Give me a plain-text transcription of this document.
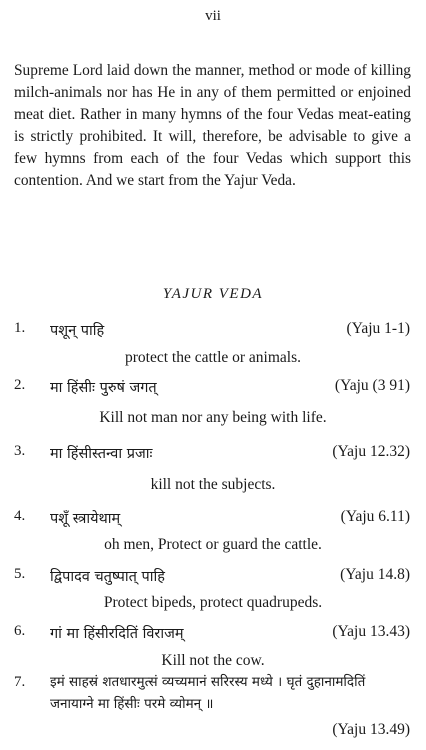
vii

Supreme Lord laid down the manner, method or mode of killing milch-animals nor has He in any of them permitted or enjoined meat diet. Rather in many hymns of the four Vedas meat-eating is strictly prohibited. It will, therefore, be advisable to give a few hymns from each of the four Vedas which support this contention. And we start from the Yajur Veda.

YAJUR VEDA
1. पशून् पाहि	(Yaju 1-1)
protect the cattle or animals.
2. मा हिंसीः पुरुषं जगत्	(Yaju (3 91)
Kill not man nor any being with life.
3. मा हिंसीस्तन्वा प्रजाः	(Yaju 12.32)
kill not the subjects.
4. पशूँ स्त्रायेथाम्	(Yaju 6.11)
oh men, Protect or guard the cattle.
5. द्विपादव चतुष्पात् पाहि	(Yaju 14.8)
Protect bipeds, protect quadrupeds.
6. गां मा हिंसीरदितिं विराजम्	(Yaju 13.43)
Kill not the cow.
7. इमं साहस्रं शतधारमुत्सं व्यच्यमानं सरिरस्य मध्ये । घृतं दुहानामदितिं जनायाग्ने मा हिंसीः परमे व्योमन् ॥
(Yaju 13.49)
